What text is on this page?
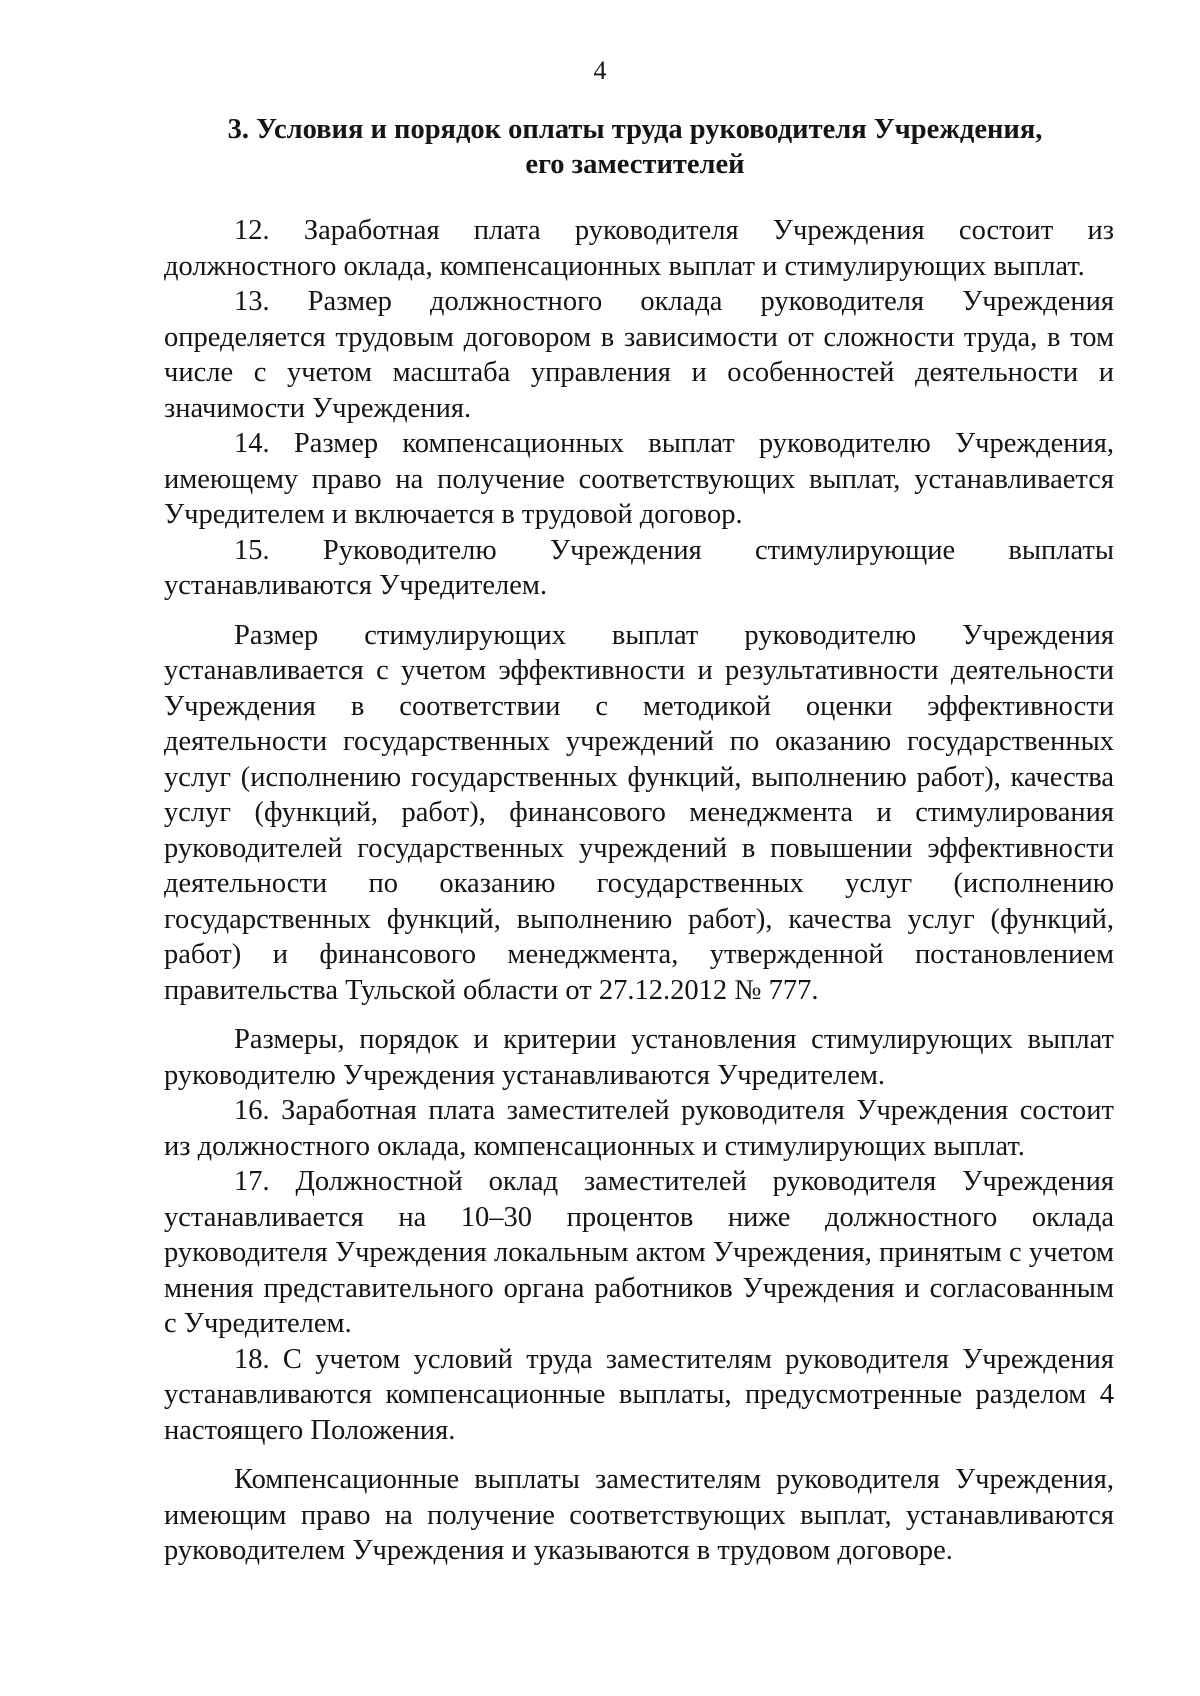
4
3. Условия и порядок оплаты труда руководителя Учреждения,
его заместителей

12. Заработная плата руководителя Учреждения состоит из должностного оклада, компенсационных выплат и стимулирующих выплат.

13. Размер должностного оклада руководителя Учреждения определяется трудовым договором в зависимости от сложности труда, в том числе с учетом масштаба управления и особенностей деятельности и значимости Учреждения.

14. Размер компенсационных выплат руководителю Учреждения, имеющему право на получение соответствующих выплат, устанавливается Учредителем и включается в трудовой договор.

15. Руководителю Учреждения стимулирующие выплаты устанавливаются Учредителем.

Размер стимулирующих выплат руководителю Учреждения устанавливается с учетом эффективности и результативности деятельности Учреждения в соответствии с методикой оценки эффективности деятельности государственных учреждений по оказанию государственных услуг (исполнению государственных функций, выполнению работ), качества услуг (функций, работ), финансового менеджмента и стимулирования руководителей государственных учреждений в повышении эффективности деятельности по оказанию государственных услуг (исполнению государственных функций, выполнению работ), качества услуг (функций, работ) и финансового менеджмента, утвержденной постановлением правительства Тульской области от 27.12.2012 № 777.

Размеры, порядок и критерии установления стимулирующих выплат руководителю Учреждения устанавливаются Учредителем.

16. Заработная плата заместителей руководителя Учреждения состоит из должностного оклада, компенсационных и стимулирующих выплат.

17. Должностной оклад заместителей руководителя Учреждения устанавливается на 10–30 процентов ниже должностного оклада руководителя Учреждения локальным актом Учреждения, принятым с учетом мнения представительного органа работников Учреждения и согласованным с Учредителем.

18. С учетом условий труда заместителям руководителя Учреждения устанавливаются компенсационные выплаты, предусмотренные разделом 4 настоящего Положения.

Компенсационные выплаты заместителям руководителя Учреждения, имеющим право на получение соответствующих выплат, устанавливаются руководителем Учреждения и указываются в трудовом договоре.
